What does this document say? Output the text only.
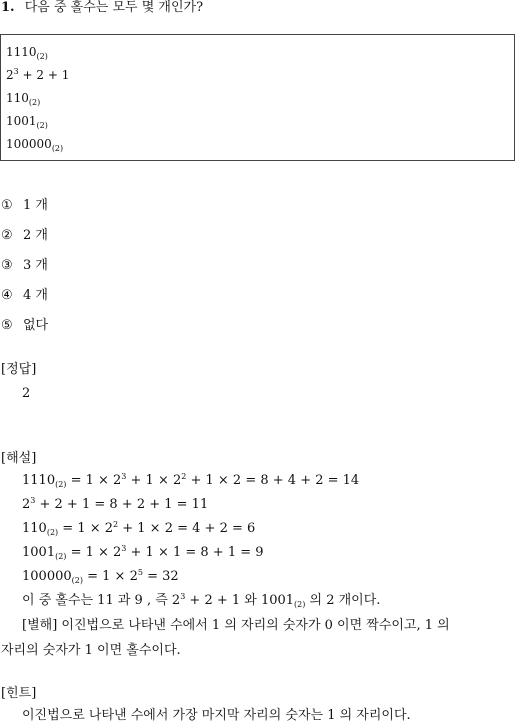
1. 다음 중 홀수는 모두 몇 개인가?
$1110_{(2)}$
$2^3 + 2 + 1$
$110_{(2)}$
$1001_{(2)}$
$100000_{(2)}$
① 1 개
② 2 개
③ 3 개
④ 4 개
⑤ 없다
[정답]
2
[해설]
$1110_{(2)} = 1 \times 2^3 + 1 \times 2^2 + 1 \times 2 = 8 + 4 + 2 = 14$
$2^3 + 2 + 1 = 8 + 2 + 1 = 11$
$110_{(2)} = 1 \times 2^2 + 1 \times 2 = 4 + 2 = 6$
$1001_{(2)} = 1 \times 2^3 + 1 \times 1 = 8 + 1 = 9$
$100000_{(2)} = 1 \times 2^5 = 32$
이 중 홀수는 11 과 9 , 즉 $2^3 + 2 + 1$ 와 $1001_{(2)}$ 의 2 개이다.
[별해] 이진법으로 나타낸 수에서 1 의 자리의 숫자가 0 이면 짝수이고, 1 의
자리의 숫자가 1 이면 홀수이다.
[힌트]
이진법으로 나타낸 수에서 가장 마지막 자리의 숫자는 1 의 자리이다.
